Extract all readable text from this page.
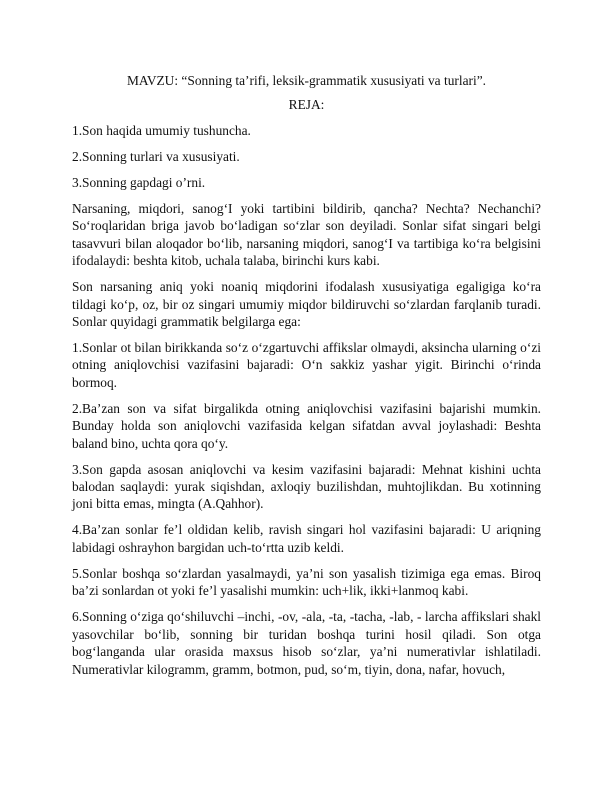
MAVZU: “Sonning ta’rifi, leksik-grammatik xususiyati va turlari”.

REJA:

1.Son haqida umumiy tushuncha.

2.Sonning turlari va xususiyati.

3.Sonning gapdagi o’rni.

Narsaning, miqdori, sanog‘I yoki tartibini bildirib, qancha? Nechta? Nechanchi? So‘roqlaridan briga javob bo‘ladigan so‘zlar son deyiladi. Sonlar sifat singari belgi tasavvuri bilan aloqador bo‘lib, narsaning miqdori, sanog‘I va tartibiga ko‘ra belgisini ifodalaydi: beshta kitob, uchala talaba, birinchi kurs kabi.

Son narsaning aniq yoki noaniq miqdorini ifodalash xususiyatiga egaligiga ko‘ra tildagi ko‘p, oz, bir oz singari umumiy miqdor bildiruvchi so‘zlardan farqlanib turadi. Sonlar quyidagi grammatik belgilarga ega:

1.Sonlar ot bilan birikkanda so‘z o‘zgartuvchi affikslar olmaydi, aksincha ularning o‘zi otning aniqlovchisi vazifasini bajaradi: O‘n sakkiz yashar yigit. Birinchi o‘rinda bormoq.

2.Ba’zan son va sifat birgalikda otning aniqlovchisi vazifasini bajarishi mumkin. Bunday holda son aniqlovchi vazifasida kelgan sifatdan avval joylashadi: Beshta baland bino, uchta qora qo‘y.

3.Son gapda asosan aniqlovchi va kesim vazifasini bajaradi: Mehnat kishini uchta balodan saqlaydi: yurak siqishdan, axloqiy buzilishdan, muhtojlikdan. Bu xotinning joni bitta emas, mingta (A.Qahhor).

4.Ba’zan sonlar fe’l oldidan kelib, ravish singari hol vazifasini bajaradi: U ariqning labidagi oshrayhon bargidan uch-to‘rtta uzib keldi.

5.Sonlar boshqa so‘zlardan yasalmaydi, ya’ni son yasalish tizimiga ega emas. Biroq ba’zi sonlardan ot yoki fe’l yasalishi mumkin: uch+lik, ikki+lanmoq kabi.

6.Sonning o‘ziga qo‘shiluvchi –inchi, -ov, -ala, -ta, -tacha, -lab, - larcha affikslari shakl yasovchilar bo‘lib, sonning bir turidan boshqa turini hosil qiladi. Son otga bog‘langanda ular orasida maxsus hisob so‘zlar, ya’ni numerativlar ishlatiladi. Numerativlar kilogramm, gramm, botmon, pud, so‘m, tiyin, dona, nafar, hovuch,
